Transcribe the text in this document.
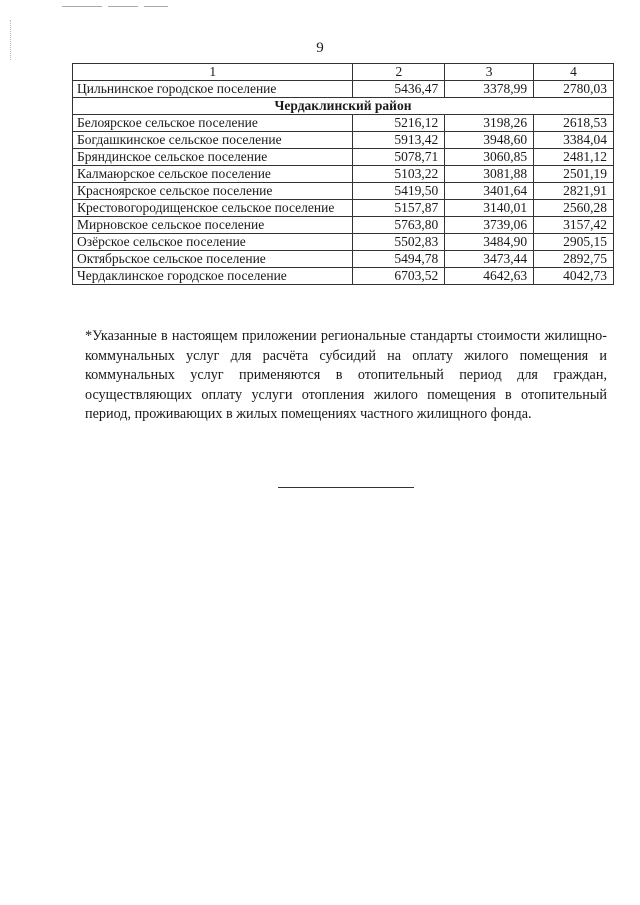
9
1	2	3	4
Цильнинское городское поселение	5436,47	3378,99	2780,03
Чердаклинский район			
Белоярское сельское поселение	5216,12	3198,26	2618,53
Богдашкинское сельское поселение	5913,42	3948,60	3384,04
Бряндинское сельское поселение	5078,71	3060,85	2481,12
Калмаюрское сельское поселение	5103,22	3081,88	2501,19
Красноярское сельское поселение	5419,50	3401,64	2821,91
Крестовогородищенское сельское поселение	5157,87	3140,01	2560,28
Мирновское сельское поселение	5763,80	3739,06	3157,42
Озёрское сельское поселение	5502,83	3484,90	2905,15
Октябрьское сельское поселение	5494,78	3473,44	2892,75
Чердаклинское городское поселение	6703,52	4642,63	4042,73
*Указанные в настоящем приложении региональные стандарты стоимости жилищно-коммунальных услуг для расчёта субсидий на оплату жилого помещения и коммунальных услуг применяются в отопительный период для граждан, осуществляющих оплату услуги отопления жилого помещения в отопительный период, проживающих в жилых помещениях частного жилищного фонда.
